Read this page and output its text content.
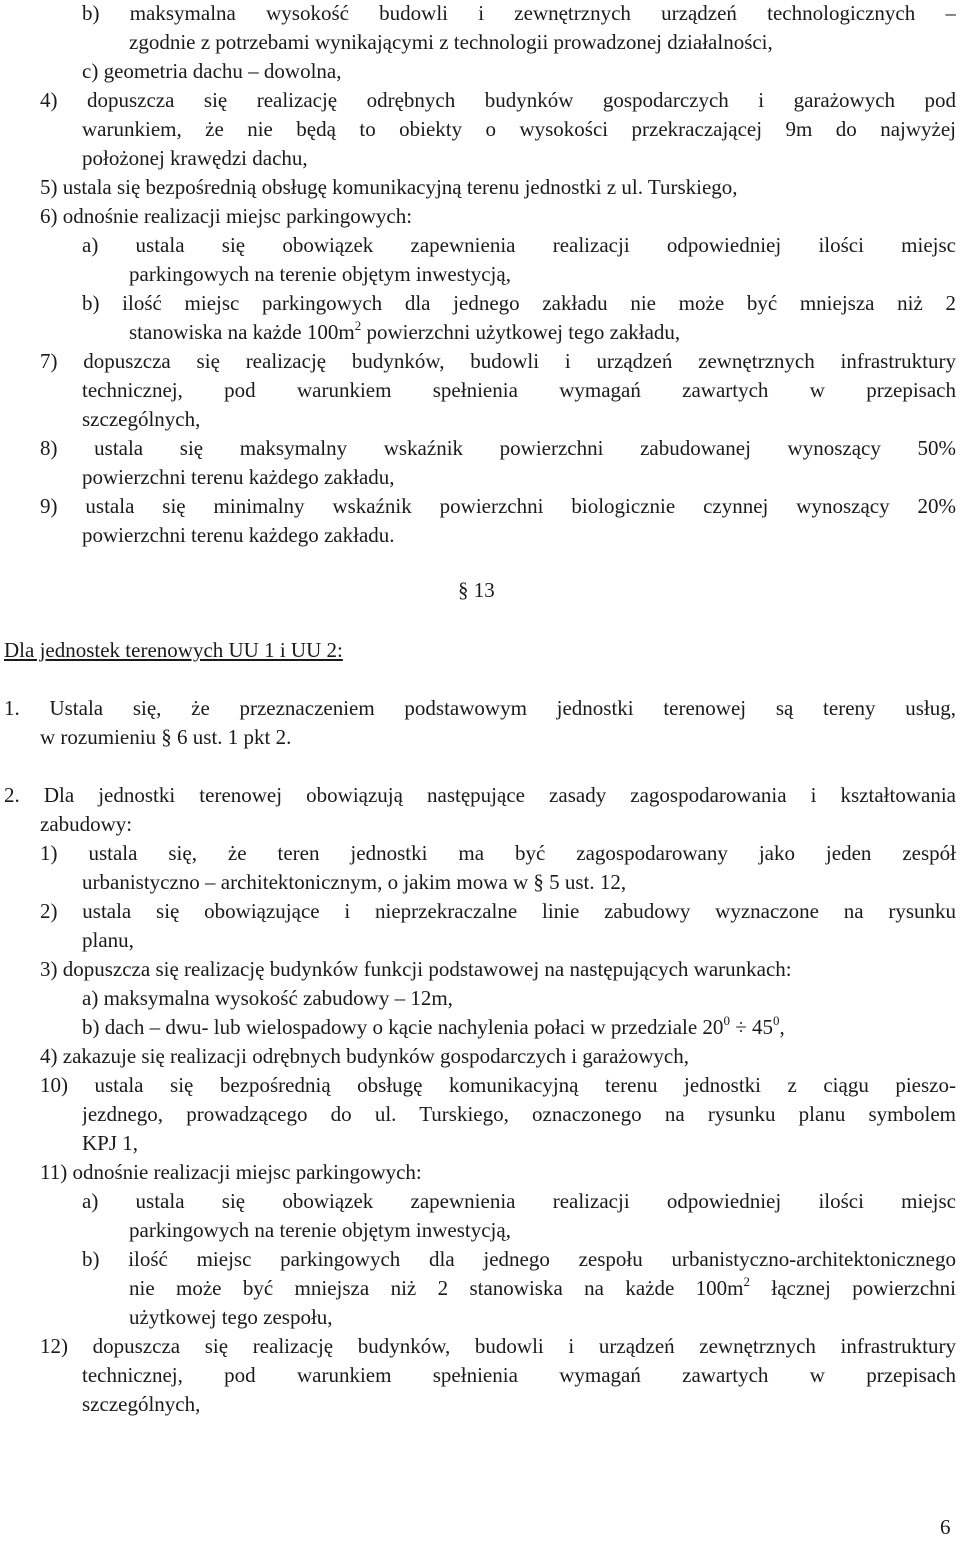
b) maksymalna wysokość budowli i zewnętrznych urządzeń technologicznych –
zgodnie z potrzebami wynikającymi z technologii prowadzonej działalności,
c) geometria dachu – dowolna,
4) dopuszcza się realizację odrębnych budynków gospodarczych i garażowych pod
warunkiem, że nie będą to obiekty o wysokości przekraczającej 9m do najwyżej
położonej krawędzi dachu,
5) ustala się bezpośrednią obsługę komunikacyjną terenu jednostki z ul. Turskiego,
6) odnośnie realizacji miejsc parkingowych:
a) ustala się obowiązek zapewnienia realizacji odpowiedniej ilości miejsc
parkingowych na terenie objętym inwestycją,
b) ilość miejsc parkingowych dla jednego zakładu nie może być mniejsza niż 2
stanowiska na każde $100m^2$ powierzchni użytkowej tego zakładu,
7) dopuszcza się realizację budynków, budowli i urządzeń zewnętrznych infrastruktury
technicznej, pod warunkiem spełnienia wymagań zawartych w przepisach
szczególnych,
8) ustala się maksymalny wskaźnik powierzchni zabudowanej wynoszący 50%
powierzchni terenu każdego zakładu,
9) ustala się minimalny wskaźnik powierzchni biologicznie czynnej wynoszący 20%
powierzchni terenu każdego zakładu.
Dla jednostek terenowych UU 1 i UU 2:
1. Ustala się, że przeznaczeniem podstawowym jednostki terenowej są tereny usług,
w rozumieniu § 6 ust. 1 pkt 2.
2. Dla jednostki terenowej obowiązują następujące zasady zagospodarowania i kształtowania
zabudowy:
1) ustala się, że teren jednostki ma być zagospodarowany jako jeden zespół
urbanistyczno – architektonicznym, o jakim mowa w § 5 ust. 12,
2) ustala się obowiązujące i nieprzekraczalne linie zabudowy wyznaczone na rysunku
planu,
3) dopuszcza się realizację budynków funkcji podstawowej na następujących warunkach:
a) maksymalna wysokość zabudowy – 12m,
b) dach – dwu- lub wielospadowy o kącie nachylenia połaci w przedziale $20^0 \div 45^0$,
4) zakazuje się realizacji odrębnych budynków gospodarczych i garażowych,
10) ustala się bezpośrednią obsługę komunikacyjną terenu jednostki z ciągu pieszo-
jezdnego, prowadzącego do ul. Turskiego, oznaczonego na rysunku planu symbolem
KPJ 1,
11) odnośnie realizacji miejsc parkingowych:
a) ustala się obowiązek zapewnienia realizacji odpowiedniej ilości miejsc
parkingowych na terenie objętym inwestycją,
b) ilość miejsc parkingowych dla jednego zespołu urbanistyczno-architektonicznego
nie może być mniejsza niż 2 stanowiska na każde $100m^2$ łącznej powierzchni
użytkowej tego zespołu,
12) dopuszcza się realizację budynków, budowli i urządzeń zewnętrznych infrastruktury
technicznej, pod warunkiem spełnienia wymagań zawartych w przepisach
szczególnych,
§ 13
6
